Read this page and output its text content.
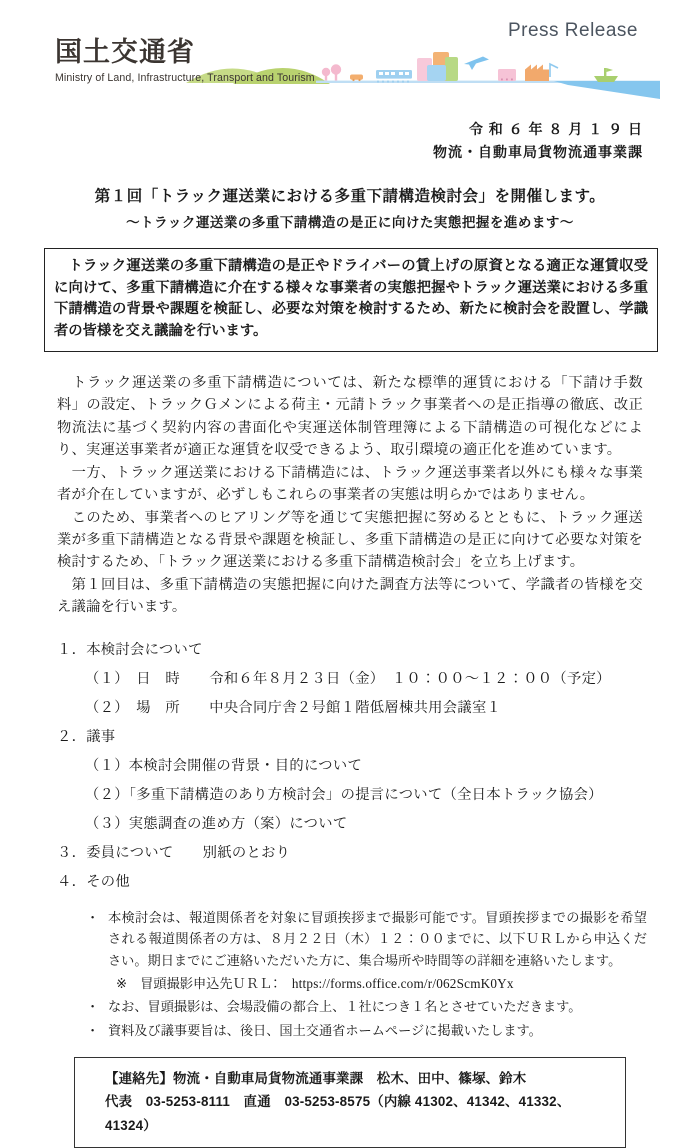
国土交通省
Ministry of Land, Infrastructure, Transport and Tourism
Press Release
令 和 ６ 年 ８ 月 １ ９ 日
物流・自動車局貨物流通事業課
第１回「トラック運送業における多重下請構造検討会」を開催します。
～トラック運送業の多重下請構造の是正に向けた実態把握を進めます～
　トラック運送業の多重下請構造の是正やドライバーの賃上げの原資となる適正な運賃収受に向けて、多重下請構造に介在する様々な事業者の実態把握やトラック運送業における多重下請構造の背景や課題を検証し、必要な対策を検討するため、新たに検討会を設置し、学識者の皆様を交え議論を行います。

　トラック運送業の多重下請構造については、新たな標準的運賃における「下請け手数料」の設定、トラックＧメンによる荷主・元請トラック事業者への是正指導の徹底、改正物流法に基づく契約内容の書面化や実運送体制管理簿による下請構造の可視化などにより、実運送事業者が適正な運賃を収受できるよう、取引環境の適正化を進めています。

　一方、トラック運送業における下請構造には、トラック運送事業者以外にも様々な事業者が介在していますが、必ずしもこれらの事業者の実態は明らかではありません。

　このため、事業者へのヒアリング等を通じて実態把握に努めるとともに、トラック運送業が多重下請構造となる背景や課題を検証し、多重下請構造の是正に向けて必要な対策を検討するため、「トラック運送業における多重下請構造検討会」を立ち上げます。

　第１回目は、多重下請構造の実態把握に向けた調査方法等について、学識者の皆様を交え議論を行います。

１．本検討会について
（１）　日　時　　令和６年８月２３日（金）　１０：００～１２：００（予定）
（２）　場　所　　中央合同庁舎２号館１階低層棟共用会議室１
２．議事
（１）本検討会開催の背景・目的について
（２）「多重下請構造のあり方検討会」の提言について（全日本トラック協会）
（３）実態調査の進め方（案）について
３．委員について　　別紙のとおり
４．その他
・ 本検討会は、報道関係者を対象に冒頭挨拶まで撮影可能です。冒頭挨拶までの撮影を希望される報道関係者の方は、８月２２日（木）１２：００までに、以下ＵＲＬから申込ください。期日までにご連絡いただいた方に、集合場所や時間等の詳細を連絡いたします。
※　冒頭撮影申込先ＵＲＬ：　https://forms.office.com/r/062ScmK0Yx
・ なお、冒頭撮影は、会場設備の都合上、１社につき１名とさせていただきます。
・ 資料及び議事要旨は、後日、国土交通省ホームページに掲載いたします。
【連絡先】物流・自動車局貨物流通事業課　松木、田中、篠塚、鈴木
代表　03-5253-8111　直通　03-5253-8575（内線 41302、41342、41332、41324）
